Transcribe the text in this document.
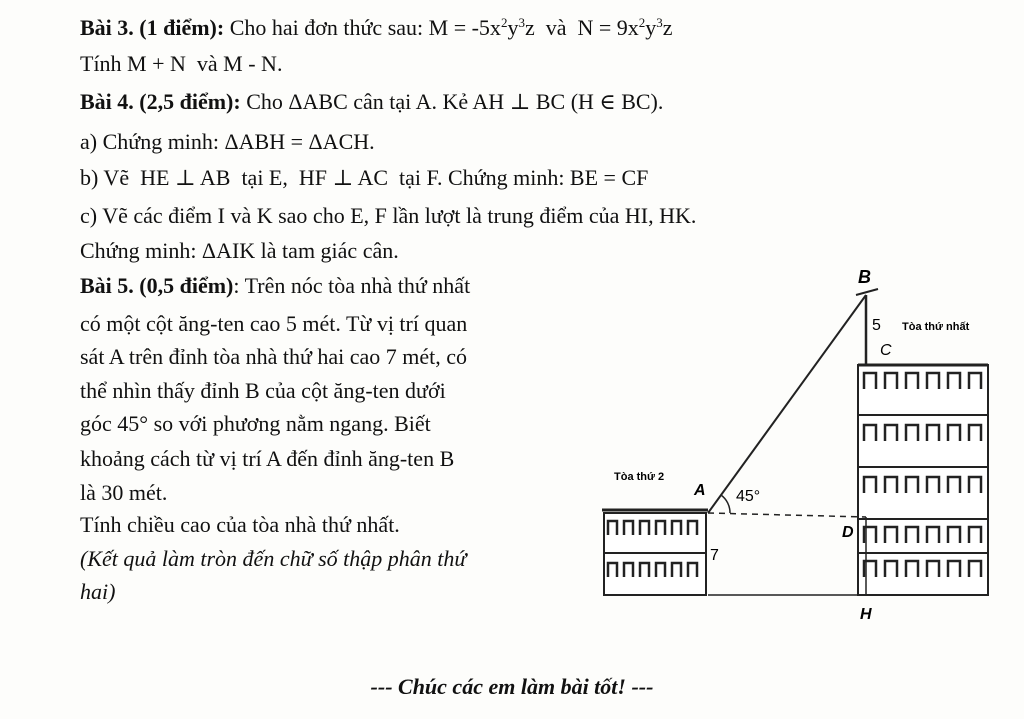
Bài 3. (1 điểm): Cho hai đơn thức sau: $M = -5x^2y^3z$  và  $N = 9x^2y^3z$
Tính M + N  và M - N.
Bài 4. (2,5 điểm): Cho ΔABC cân tại A. Kẻ AH ⊥ BC (H ∈ BC).
a) Chứng minh: ΔABH = ΔACH.
b) Vẽ  HE ⊥ AB  tại E,  HF ⊥ AC  tại F. Chứng minh: BE = CF
c) Vẽ các điểm I và K sao cho E, F lần lượt là trung điểm của HI, HK.
Chứng minh: ΔAIK là tam giác cân.
Bài 5. (0,5 điểm): Trên nóc tòa nhà thứ nhất
có một cột ăng-ten cao 5 mét. Từ vị trí quan
sát A trên đỉnh tòa nhà thứ hai cao 7 mét, có
thể nhìn thấy đỉnh B của cột ăng-ten dưới
góc 45° so với phương nằm ngang. Biết
khoảng cách từ vị trí A đến đỉnh ăng-ten B
là 30 mét.
Tính chiều cao của tòa nhà thứ nhất.
(Kết quả làm tròn đến chữ số thập phân thứ
hai)
B
5
C
Tòa thứ nhất
Tòa thứ 2
A 45°
D
7
H
--- Chúc các em làm bài tốt! ---
